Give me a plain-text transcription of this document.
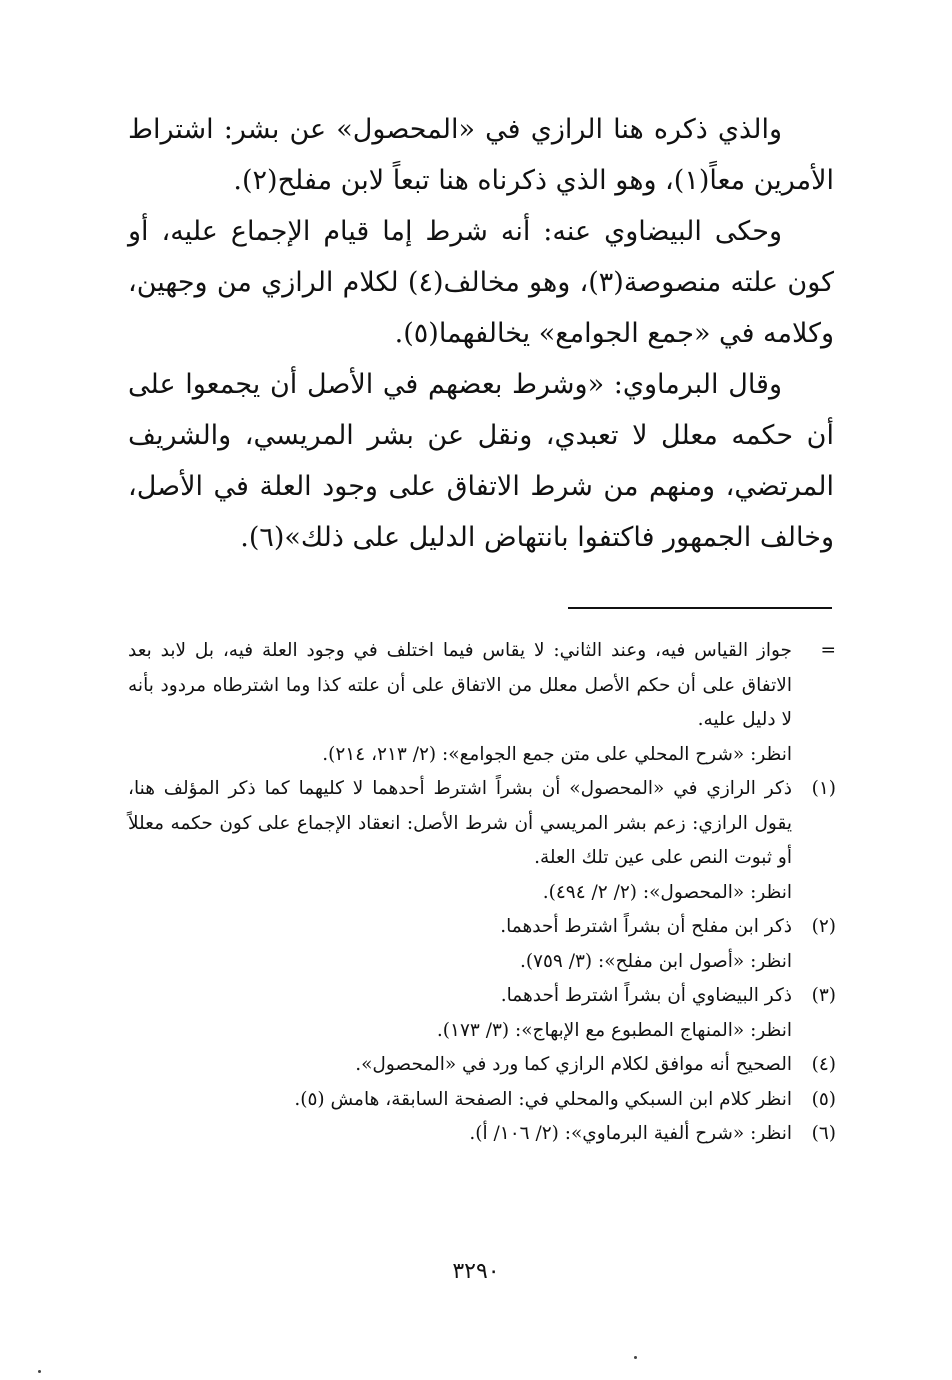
والذي ذكره هنا الرازي في «المحصول» عن بشر: اشتراط الأمرين معاً(١)، وهو الذي ذكرناه هنا تبعاً لابن مفلح(٢).

وحكى البيضاوي عنه: أنه شرط إما قيام الإجماع عليه، أو كون علته منصوصة(٣)، وهو مخالف(٤) لكلام الرازي من وجهين، وكلامه في «جمع الجوامع» يخالفهما(٥).

وقال البرماوي: «وشرط بعضهم في الأصل أن يجمعوا على أن حكمه معلل لا تعبدي، ونقل عن بشر المريسي، والشريف المرتضي، ومنهم من شرط الاتفاق على وجود العلة في الأصل، وخالف الجمهور فاكتفوا بانتهاض الدليل على ذلك»(٦).

=
جواز القياس فيه، وعند الثاني: لا يقاس فيما اختلف في وجود العلة فيه، بل لابد بعد الاتفاق على أن حكم الأصل معلل من الاتفاق على أن علته كذا وما اشترطاه مردود بأنه لا دليل عليه.
انظر: «شرح المحلي على متن جمع الجوامع»: (٢/ ٢١٣، ٢١٤).
(١)
ذكر الرازي في «المحصول» أن بشراً اشترط أحدهما لا كليهما كما ذكر المؤلف هنا، يقول الرازي: زعم بشر المريسي أن شرط الأصل: انعقاد الإجماع على كون حكمه معللاً أو ثبوت النص على عين تلك العلة.
انظر: «المحصول»: (٢/ ٢/ ٤٩٤).
(٢)
ذكر ابن مفلح أن بشراً اشترط أحدهما.
انظر: «أصول ابن مفلح»: (٣/ ٧٥٩).
(٣)
ذكر البيضاوي أن بشراً اشترط أحدهما.
انظر: «المنهاج المطبوع مع الإبهاج»: (٣/ ١٧٣).
(٤)
الصحيح أنه موافق لكلام الرازي كما ورد في «المحصول».
(٥)
انظر كلام ابن السبكي والمحلي في: الصفحة السابقة، هامش (٥).
(٦)
انظر: «شرح ألفية البرماوي»: (٢/ ١٠٦/ أ).
٣٢٩٠
